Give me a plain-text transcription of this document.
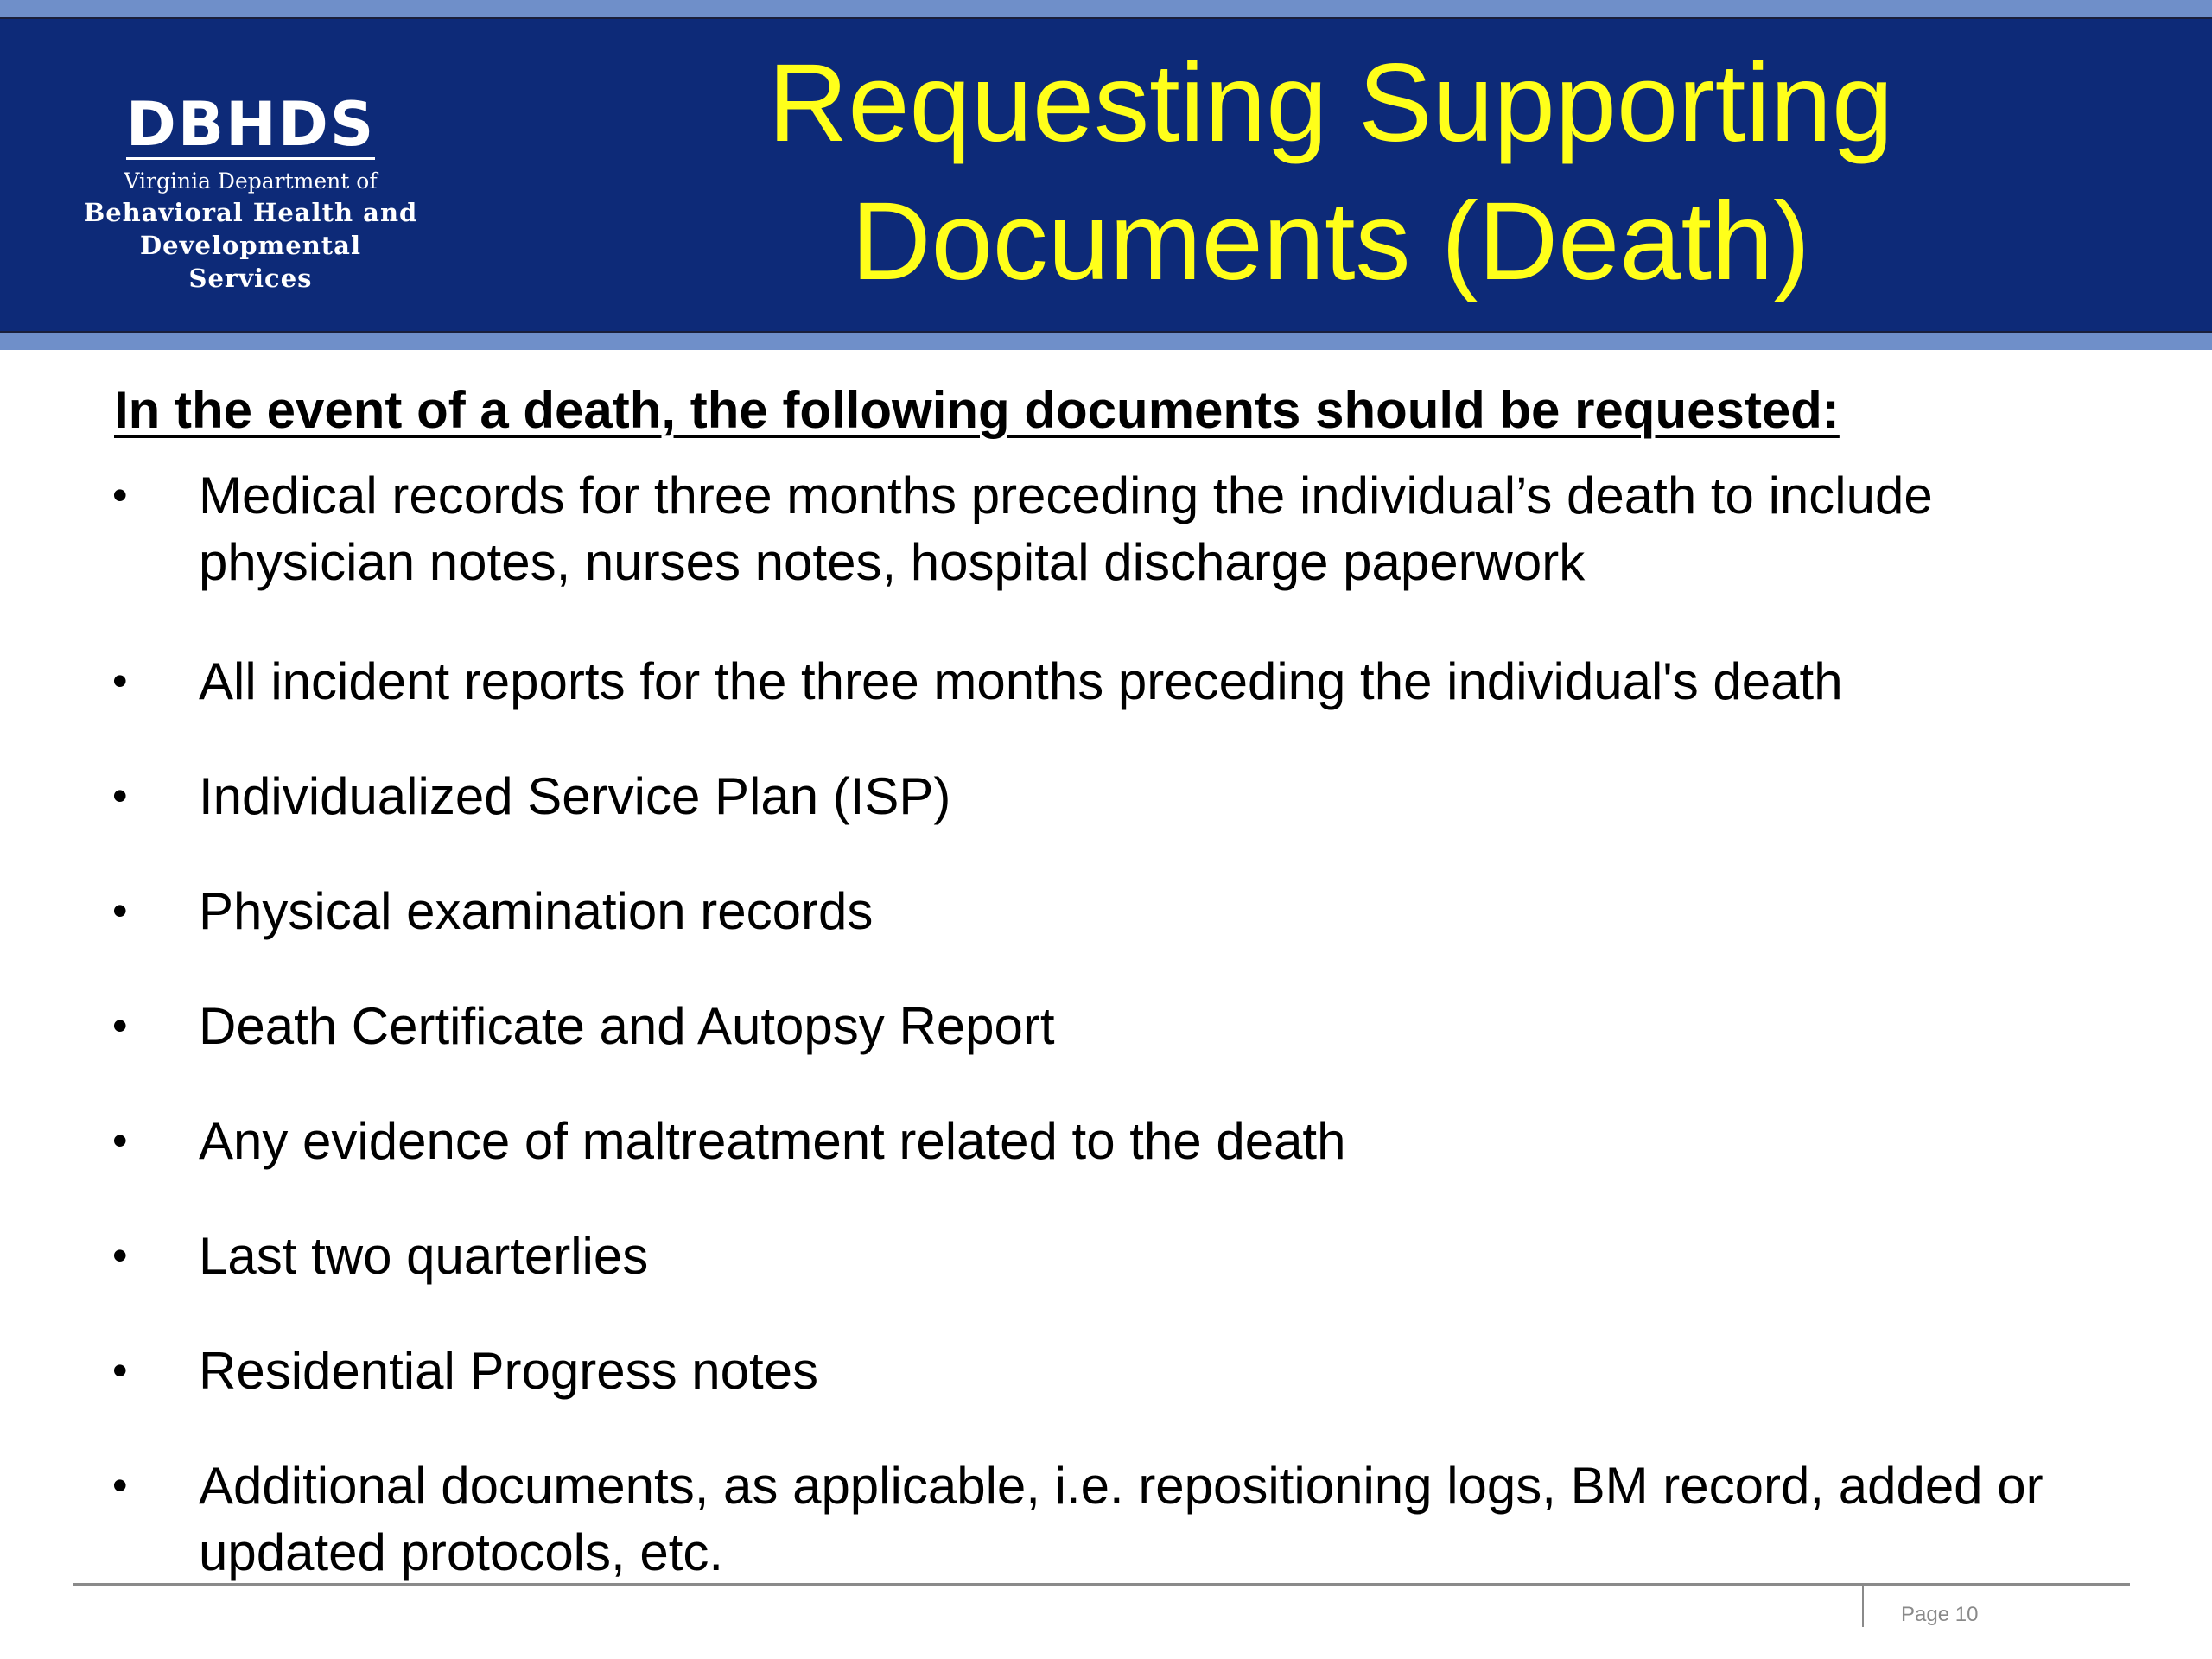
DBHDS
Virginia Department of
Behavioral Health and
Developmental Services
Requesting Supporting
Documents (Death)
In the event of a death, the following documents should be requested:
• Medical records for three months preceding the individual’s death to include physician notes, nurses notes, hospital discharge paperwork
• All incident reports for the three months preceding the individual's death
• Individualized Service Plan (ISP)
• Physical examination records
• Death Certificate and Autopsy Report
• Any evidence of maltreatment related to the death
• Last two quarterlies
• Residential Progress notes
• Additional documents, as applicable, i.e. repositioning logs, BM record, added or updated protocols, etc.
Page 10
